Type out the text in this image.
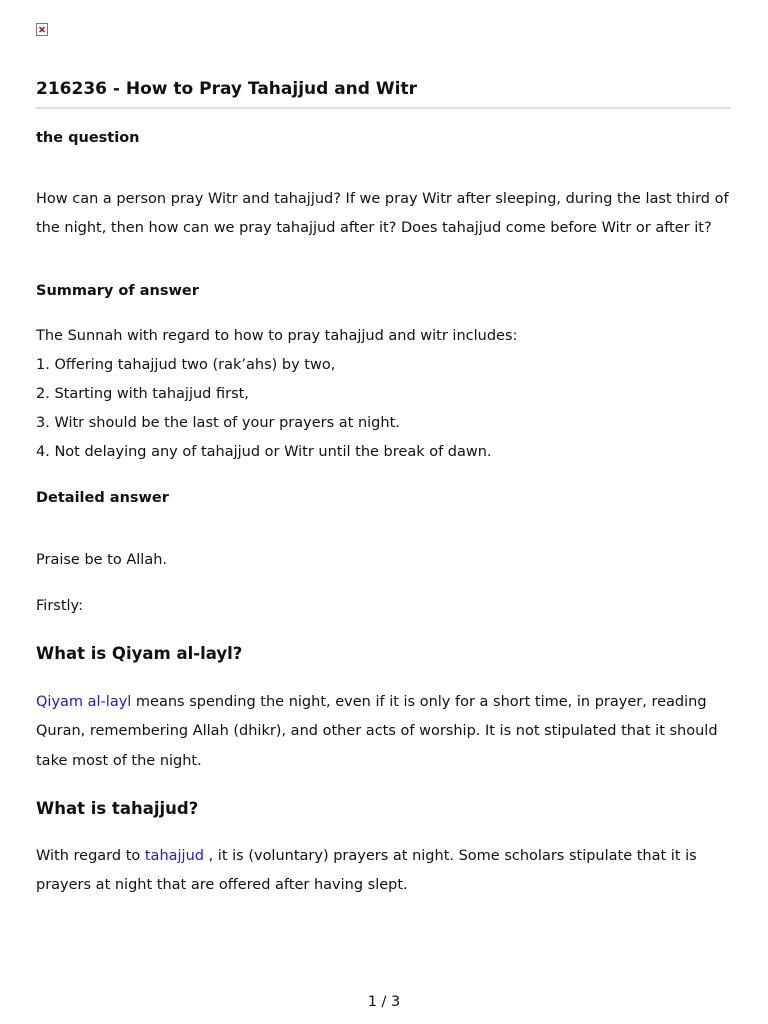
216236 - How to Pray Tahajjud and Witr
the question

How can a person pray Witr and tahajjud? If we pray Witr after sleeping, during the last third of the night, then how can we pray tahajjud after it? Does tahajjud come before Witr or after it?

Summary of answer

The Sunnah with regard to how to pray tahajjud and witr includes:

1. Offering tahajjud two (rak’ahs) by two,

2. Starting with tahajjud first,

3. Witr should be the last of your prayers at night.

4. Not delaying any of tahajjud or Witr until the break of dawn.

Detailed answer

Praise be to Allah.

Firstly:

What is Qiyam al-layl?

Qiyam al-layl means spending the night, even if it is only for a short time, in prayer, reading Quran, remembering Allah (dhikr), and other acts of worship. It is not stipulated that it should take most of the night.

What is tahajjud?

With regard to tahajjud , it is (voluntary) prayers at night. Some scholars stipulate that it is prayers at night that are offered after having slept.

1 / 3
